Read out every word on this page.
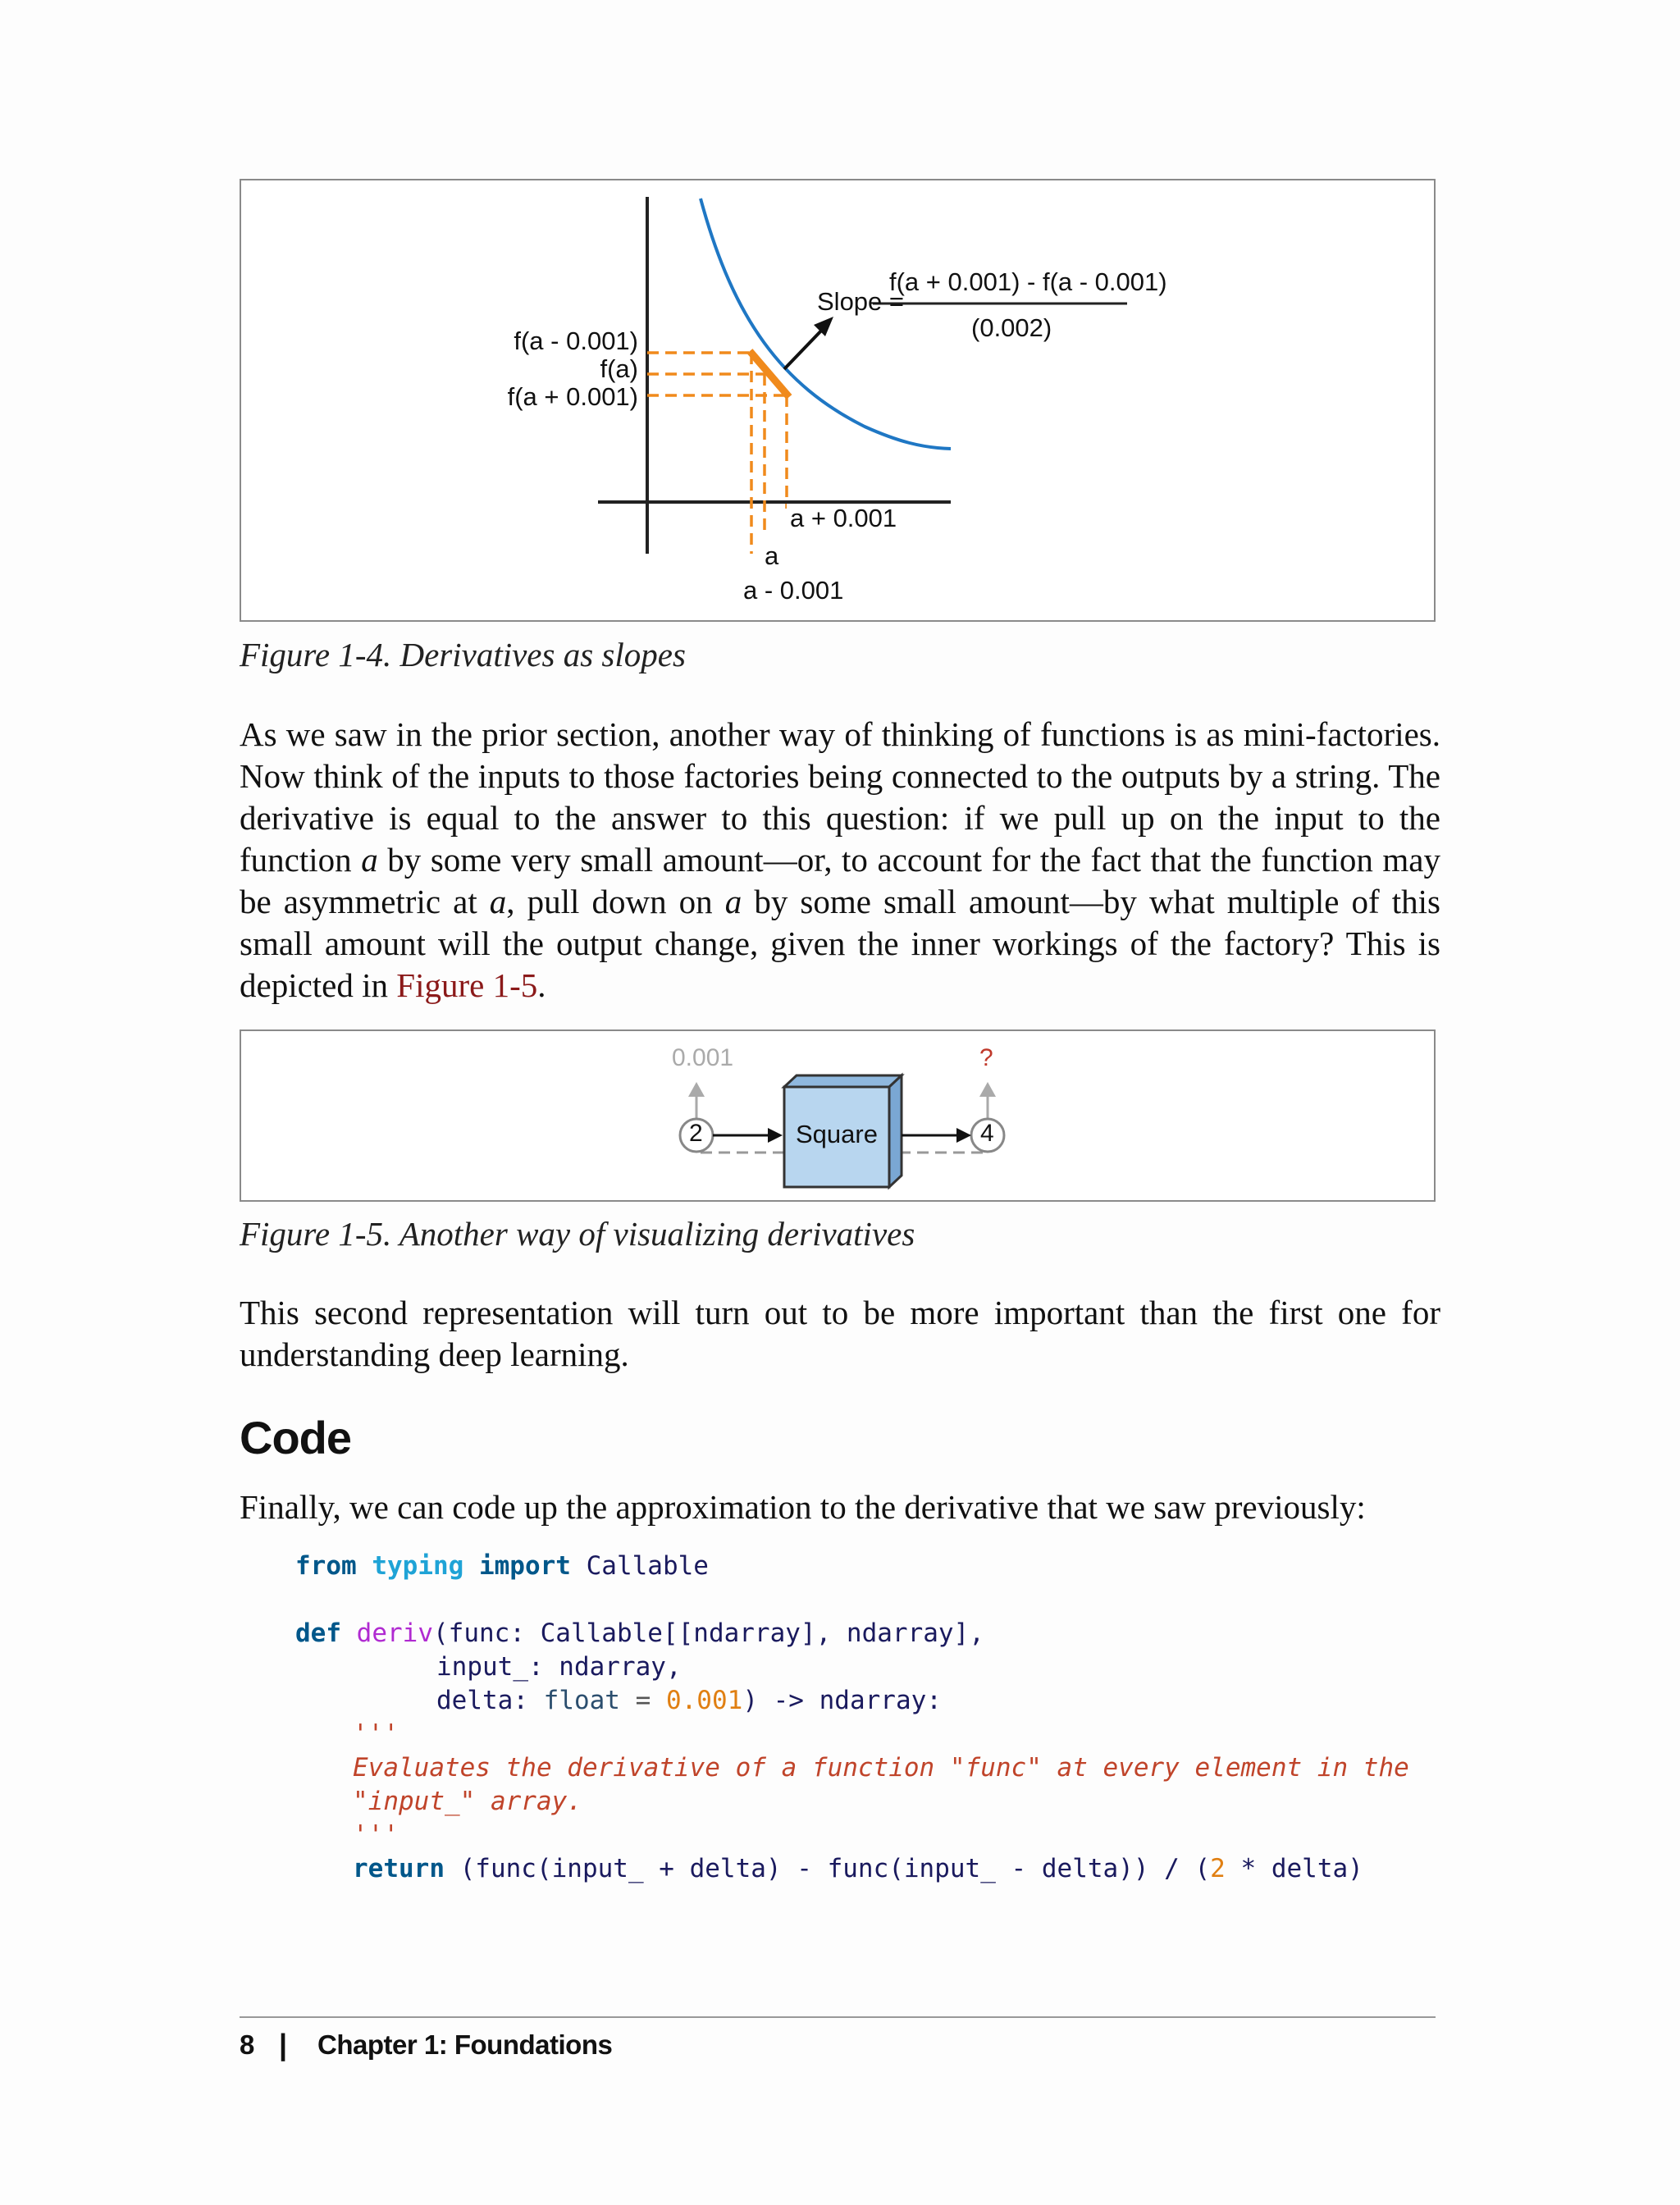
f(a - 0.001)
f(a)
f(a + 0.001)
a + 0.001
a
a - 0.001
Slope =
f(a + 0.001) - f(a - 0.001)
(0.002)
Figure 1-4. Derivatives as slopes
As we saw in the prior section, another way of thinking of functions is as mini-factories. Now think of the inputs to those factories being connected to the outputs by a string. The derivative is equal to the answer to this question: if we pull up on the input to the function a by some very small amount—or, to account for the fact that the function may be asymmetric at a, pull down on a by some small amount—by what multiple of this small amount will the output change, given the inner workings of the factory? This is depicted in Figure 1-5.
0.001	?
2	Square	4
Figure 1-5. Another way of visualizing derivatives
This second representation will turn out to be more important than the first one for understanding deep learning.
Code
Finally, we can code up the approximation to the derivative that we saw previously:
from typing import Callable

def deriv(func: Callable[[ndarray], ndarray],
input_: ndarray,
delta: float = 0.001) -> ndarray:
'''
Evaluates the derivative of a function "func" at every element in the
"input_" array.
'''
return (func(input_ + delta) - func(input_ - delta)) / (2 * delta)
8 | Chapter 1: Foundations
